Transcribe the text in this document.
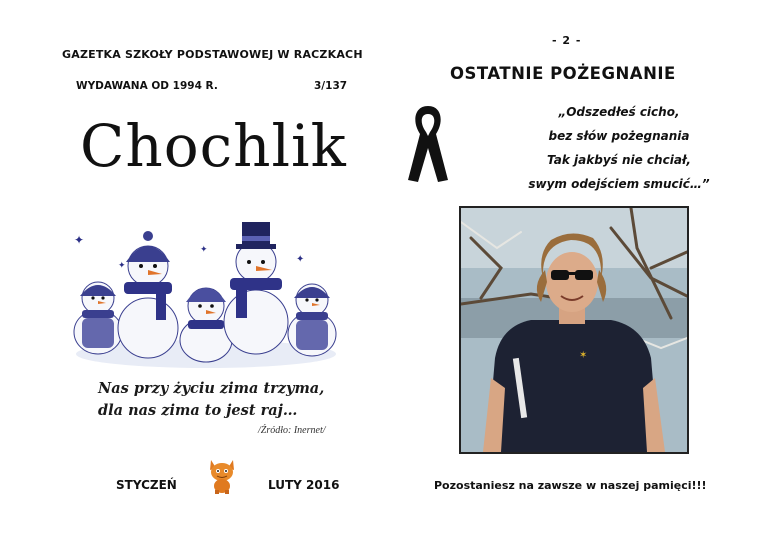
GAZETKA SZKOŁY PODSTAWOWEJ W RACZKACH
WYDAWANA OD 1994 R.	3/137
Chochlik
✦
✦
✦
✦
Nas przy życiu zima trzyma,
dla nas zima to jest raj…
/Źródło: Inernet/
STYCZEŃ	LUTY 2016
- 2 -
OSTATNIE POŻEGNANIE
„Odszedłeś cicho,
bez słów pożegnania
Tak jakbyś nie chciał,
swym odejściem smucić…”
✶
Pozostaniesz na zawsze w naszej pamięci!!!
